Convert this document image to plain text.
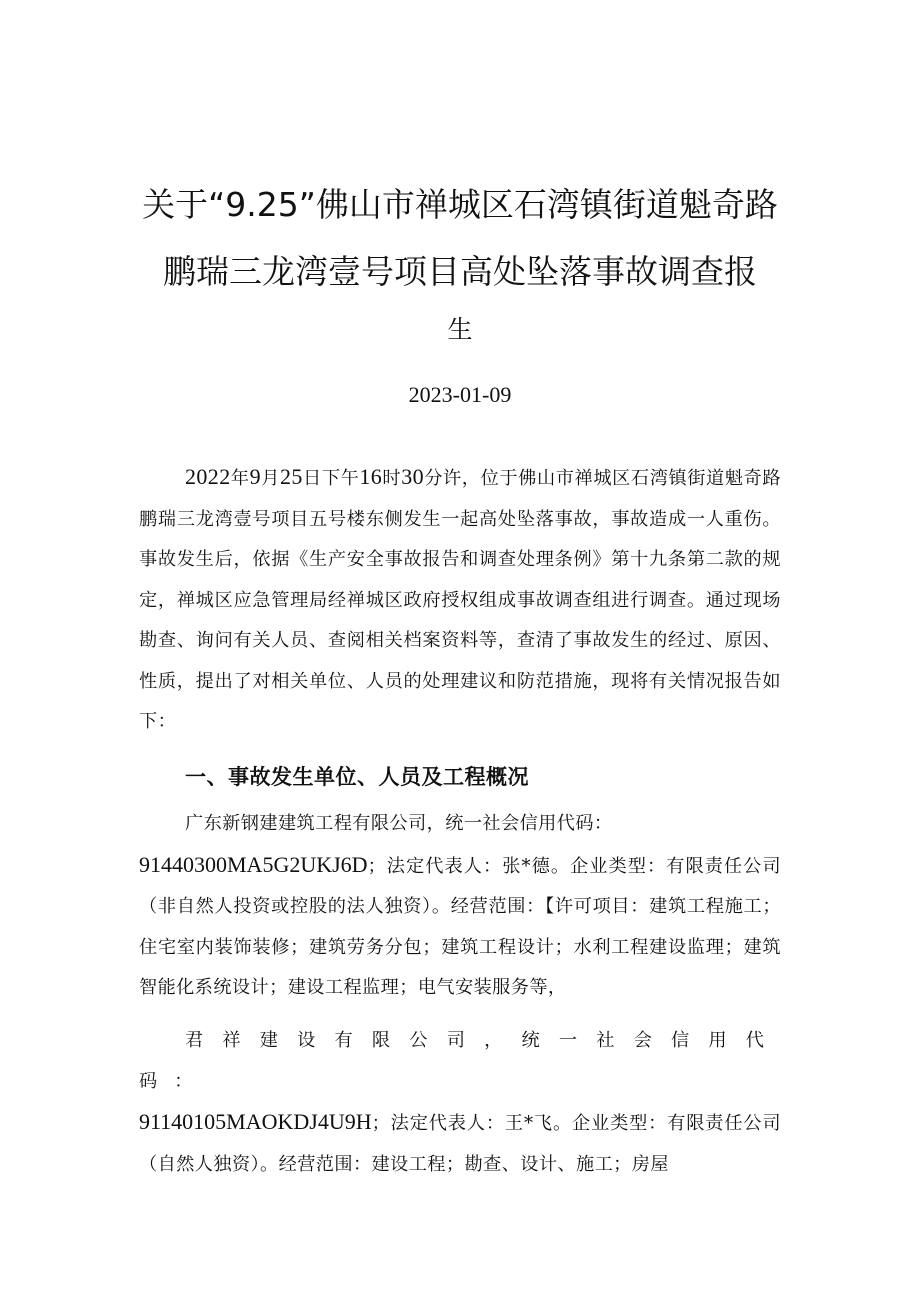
关于“9.25”佛山市禅城区石湾镇街道魁奇路
鹏瑞三龙湾壹号项目高处坠落事故调查报
生
2023-01-09

2022年9月25日下午16时30分许，位于佛山市禅城区石湾镇街道魁奇路鹏瑞三龙湾壹号项目五号楼东侧发生一起高处坠落事故，事故造成一人重伤。事故发生后，依据《生产安全事故报告和调查处理条例》第十九条第二款的规定，禅城区应急管理局经禅城区政府授权组成事故调查组进行调查。通过现场勘查、询问有关人员、查阅相关档案资料等，查清了事故发生的经过、原因、性质，提出了对相关单位、人员的处理建议和防范措施，现将有关情况报告如下：

一、事故发生单位、人员及工程概况

广东新钢建建筑工程有限公司，统一社会信用代码：
91440300MA5G2UKJ6D；法定代表人：张*德。企业类型：有限责任公司（非自然人投资或控股的法人独资）。经营范围：【许可项目：建筑工程施工；住宅室内装饰装修；建筑劳务分包；建筑工程设计；水利工程建设监理；建筑智能化系统设计；建设工程监理；电气安装服务等，

君祥建设有限公司，统一社会信用代码：
91140105MAOKDJ4U9H；法定代表人：王*飞。企业类型：有限责任公司（自然人独资）。经营范围：建设工程；勘查、设计、施工；房屋
